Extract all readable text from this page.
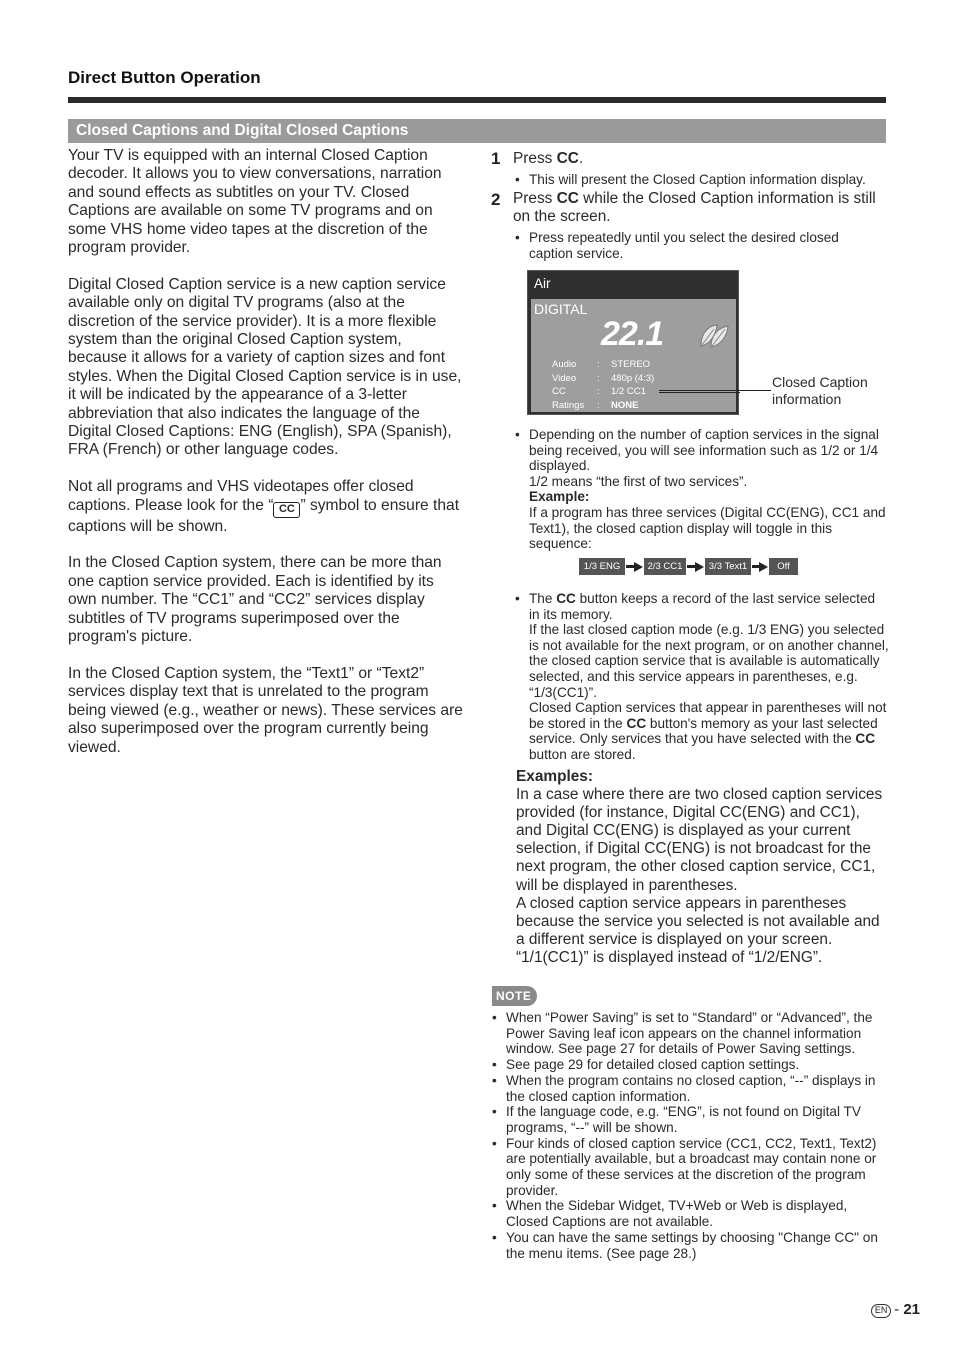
Direct Button Operation
Closed Captions and Digital Closed Captions

Your TV is equipped with an internal Closed Caption decoder. It allows you to view conversations, narration and sound effects as subtitles on your TV. Closed Captions are available on some TV programs and on some VHS home video tapes at the discretion of the program provider.

Digital Closed Caption service is a new caption service available only on digital TV programs (also at the discretion of the service provider). It is a more flexible system than the original Closed Caption system, because it allows for a variety of caption sizes and font styles. When the Digital Closed Caption service is in use, it will be indicated by the appearance of a 3-letter abbreviation that also indicates the language of the Digital Closed Captions: ENG (English), SPA (Spanish), FRA (French) or other language codes.

Not all programs and VHS videotapes offer closed captions. Please look for the “ CC ” symbol to ensure that captions will be shown.

In the Closed Caption system, there can be more than one caption service provided. Each is identified by its own number. The “CC1” and “CC2” services display subtitles of TV programs superimposed over the program's picture.

In the Closed Caption system, the “Text1” or “Text2” services display text that is unrelated to the program being viewed (e.g., weather or news). These services are also superimposed over the program currently being viewed.

1 Press CC.
• This will present the Closed Caption information display.
2 Press CC while the Closed Caption information is still on the screen.
• Press repeatedly until you select the desired closed caption service.
Air
DIGITAL
22.1
Audio : STEREO
Video : 480p (4:3)
CC	: 1/2 CC1
Ratings : NONE
Closed Caption
information
• Depending on the number of caption services in the signal being received, you will see information such as 1/2 or 1/4 displayed.
1/2 means “the first of two services”.
Example:
If a program has three services (Digital CC(ENG), CC1 and Text1), the closed caption display will toggle in this sequence:
1/3 ENG	2/3 CC1	3/3 Text1	Off
• The CC button keeps a record of the last service selected in its memory.
If the last closed caption mode (e.g. 1/3 ENG) you selected is not available for the next program, or on another channel, the closed caption service that is available is automatically selected, and this service appears in parentheses, e.g. “1/3(CC1)”.
Closed Caption services that appear in parentheses will not be stored in the CC button's memory as your last selected service. Only services that you have selected with the CC button are stored.
Examples:
In a case where there are two closed caption services provided (for instance, Digital CC(ENG) and CC1), and Digital CC(ENG) is displayed as your current selection, if Digital CC(ENG) is not broadcast for the next program, the other closed caption service, CC1, will be displayed in parentheses.
A closed caption service appears in parentheses because the service you selected is not available and a different service is displayed on your screen. “1/1(CC1)” is displayed instead of “1/2/ENG”.
NOTE
• When “Power Saving” is set to “Standard” or “Advanced”, the Power Saving leaf icon appears on the channel information window. See page 27 for details of Power Saving settings.
• See page 29 for detailed closed caption settings.
• When the program contains no closed caption, “--” displays in the closed caption information.
• If the language code, e.g. “ENG”, is not found on Digital TV programs, “--” will be shown.
• Four kinds of closed caption service (CC1, CC2, Text1, Text2) are potentially available, but a broadcast may contain none or only some of these services at the discretion of the program provider.
• When the Sidebar Widget, TV+Web or Web is displayed, Closed Captions are not available.
• You can have the same settings by choosing "Change CC" on the menu items. (See page 28.)
EN - 21
